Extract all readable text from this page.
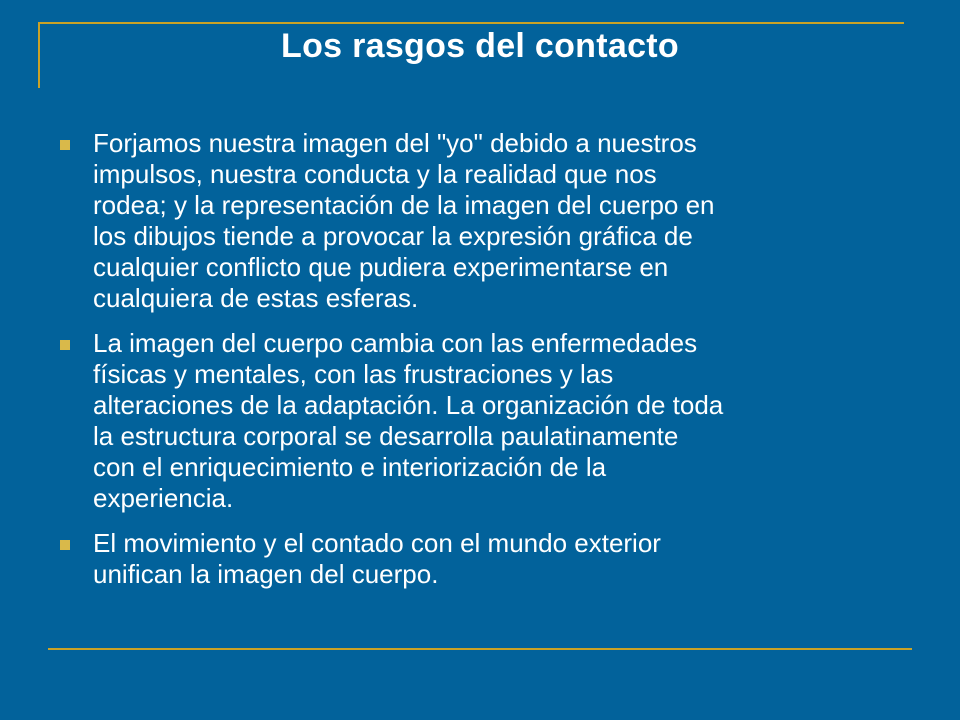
Los rasgos del contacto
Forjamos nuestra imagen del "yo" debido a nuestros
impulsos, nuestra conducta y la realidad que nos
rodea; y la representación de la imagen del cuerpo en
los dibujos tiende a provocar la expresión gráfica de
cualquier conflicto que pudiera experimentarse en
cualquiera de estas esferas.
La imagen del cuerpo cambia con las enfermedades
físicas y mentales, con las frustraciones y las
alteraciones de la adaptación. La organización de toda
la estructura corporal se desarrolla paulatinamente
con el enriquecimiento e interiorización de la
experiencia.
El movimiento y el contado con el mundo exterior
unifican la imagen del cuerpo.
